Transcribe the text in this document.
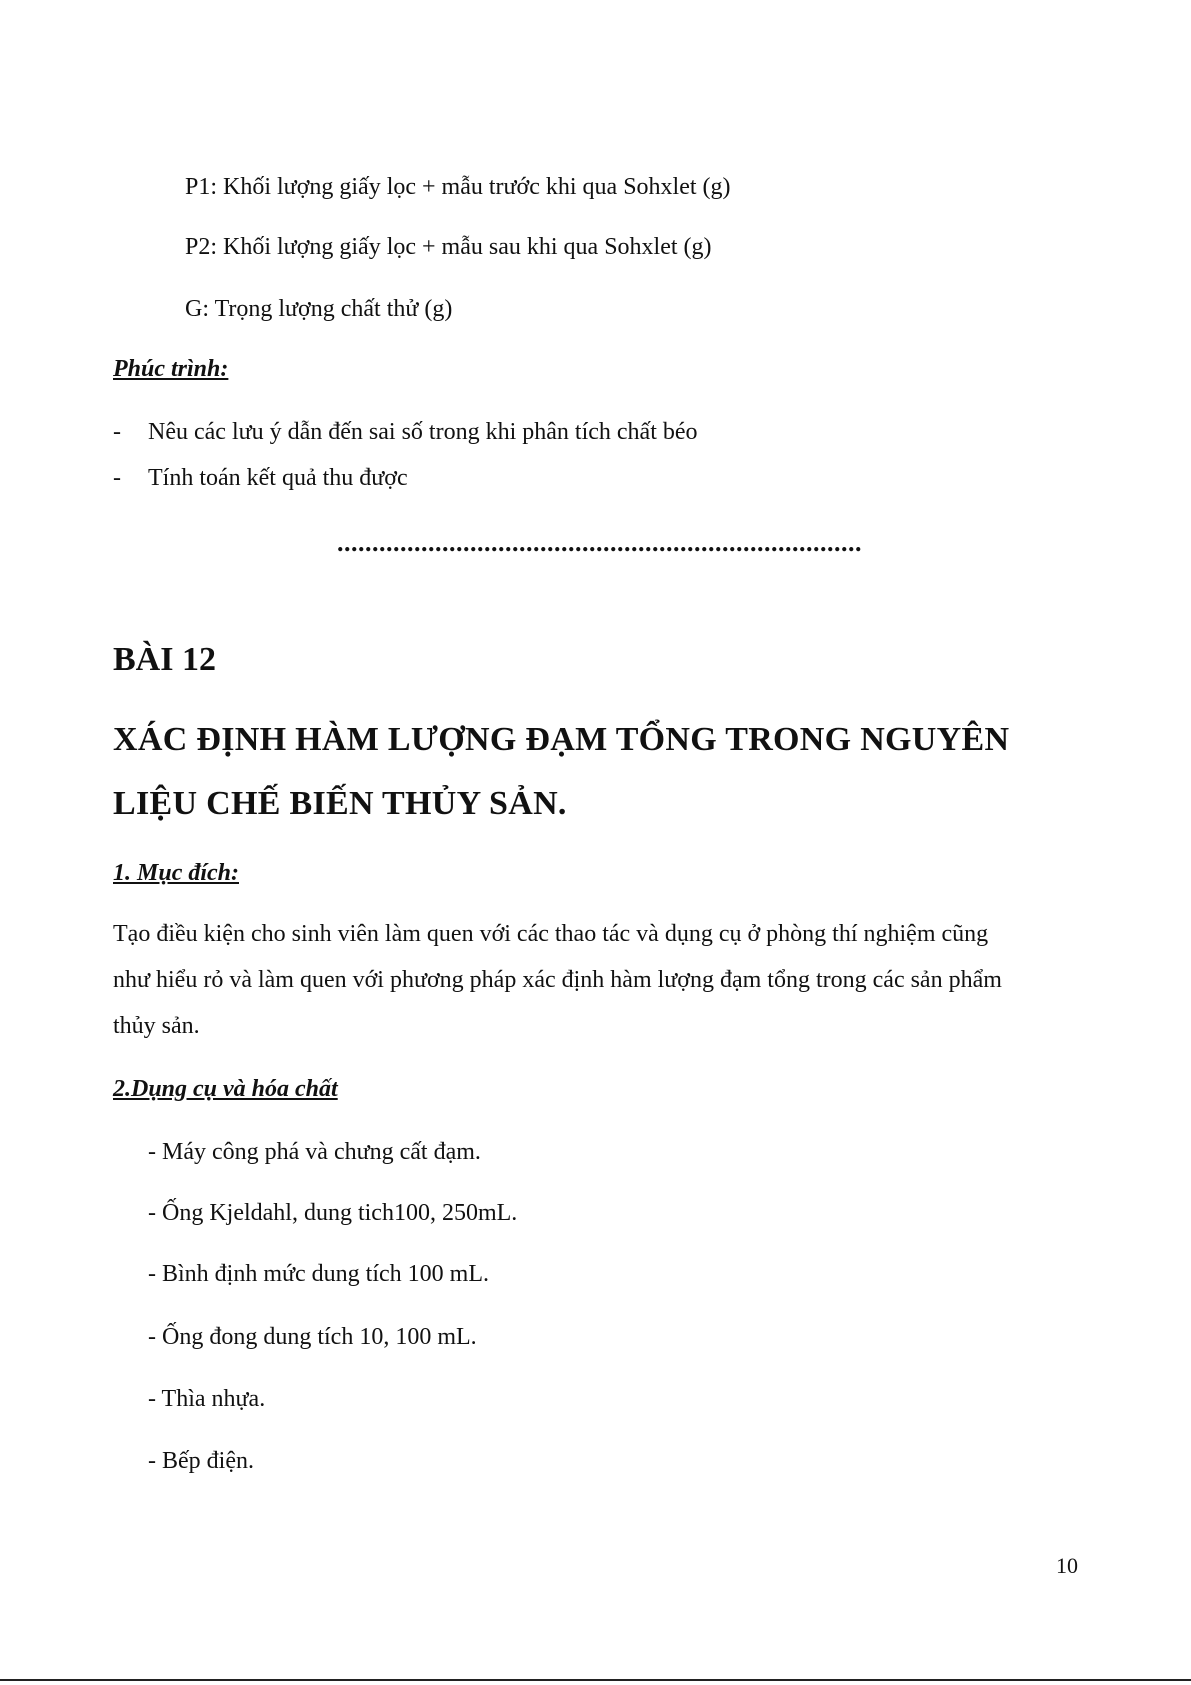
P1: Khối lượng giấy lọc + mẫu trước khi qua Sohxlet (g)
P2: Khối lượng giấy lọc + mẫu sau khi qua Sohxlet (g)
G: Trọng lượng chất thử (g)
Phúc trình:
- Nêu các lưu ý dẫn đến sai số trong khi phân tích chất béo
- Tính toán kết quả thu được
...........................................................................
BÀI 12
XÁC ĐỊNH HÀM LƯỢNG ĐẠM TỔNG TRONG NGUYÊN
LIỆU CHẾ BIẾN THỦY SẢN.
1. Mục đích:
Tạo điều kiện cho sinh viên làm quen với các thao tác và dụng cụ ở phòng thí nghiệm cũng
như hiểu rỏ và làm quen với phương pháp xác định hàm lượng đạm tổng trong các sản phẩm
thủy sản.
2.Dụng cụ và hóa chất
- Máy công phá và chưng cất đạm.
- Ống Kjeldahl, dung tich100, 250mL.
- Bình định mức dung tích 100 mL.
- Ống đong dung tích 10, 100 mL.
- Thìa nhựa.
- Bếp điện.
10
